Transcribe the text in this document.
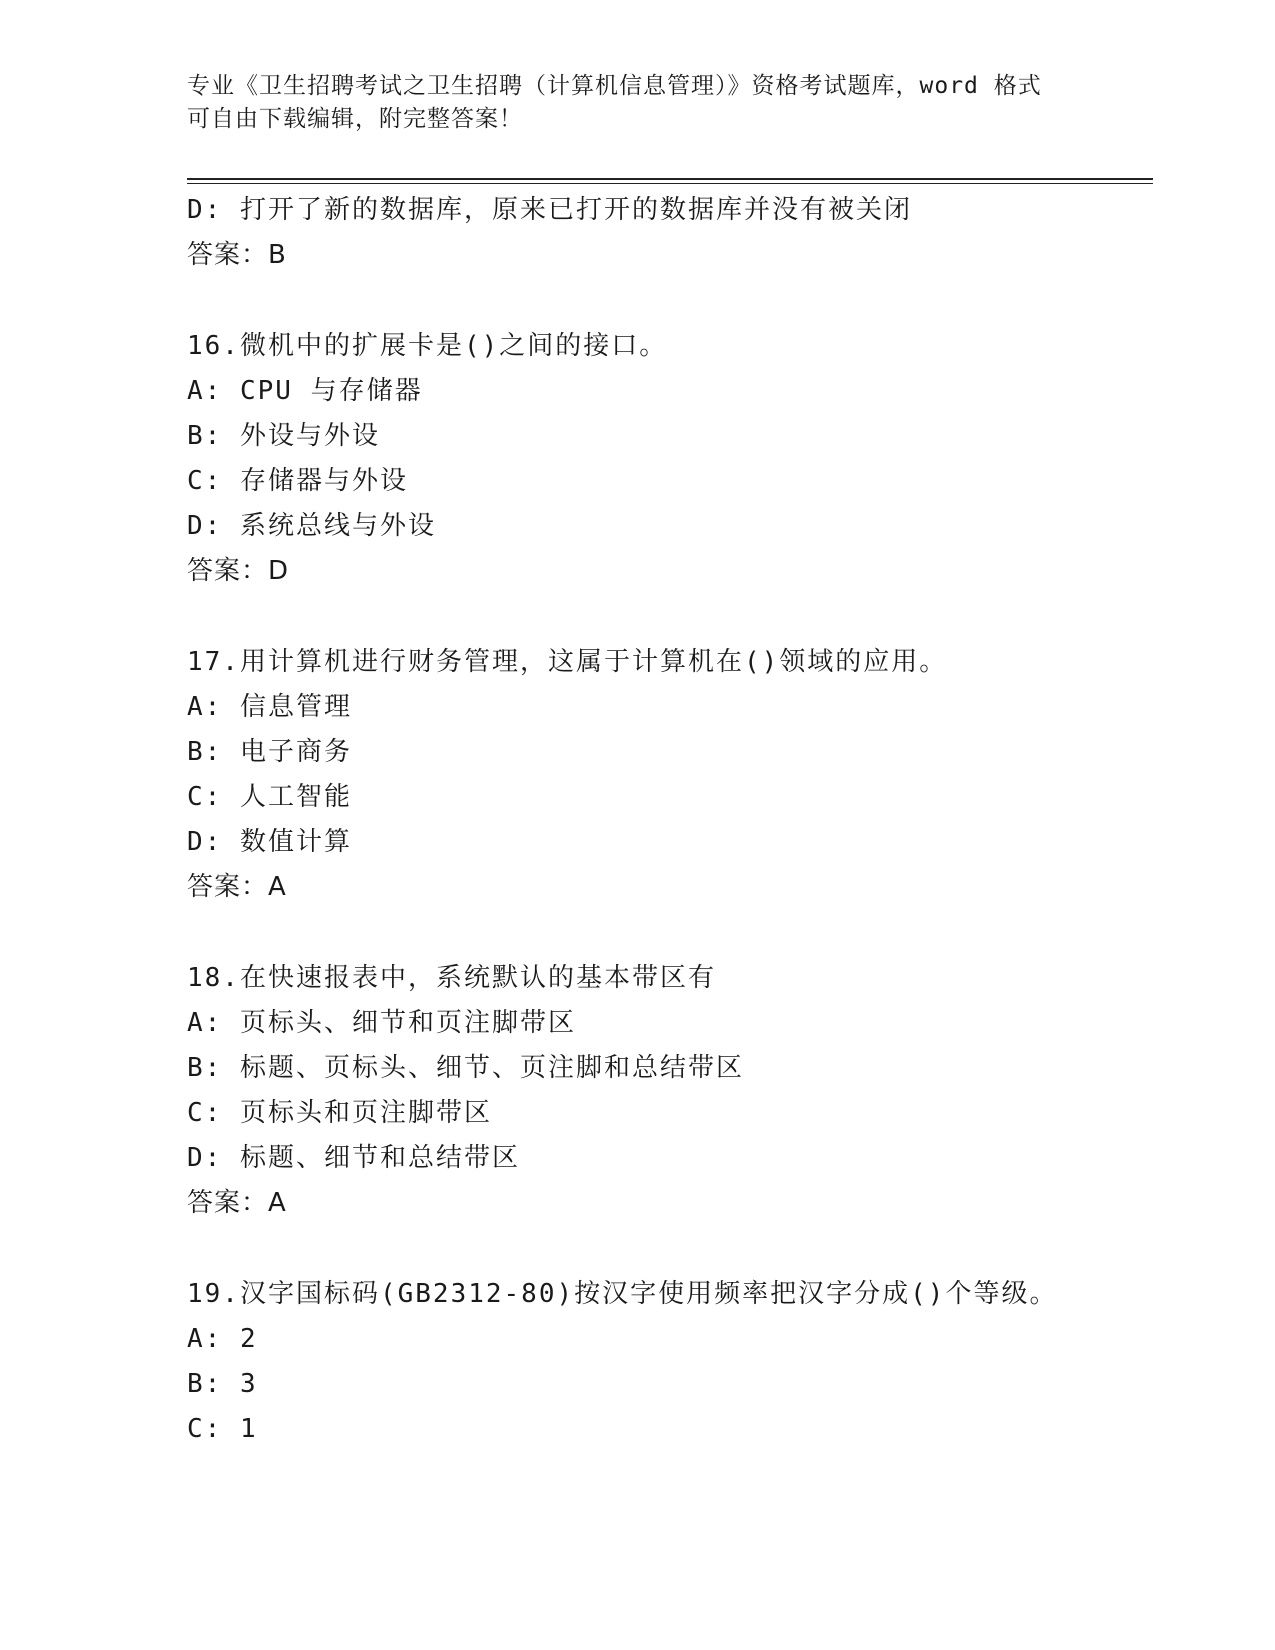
专业《卫生招聘考试之卫生招聘（计算机信息管理）》资格考试题库，word 格式
可自由下载编辑，附完整答案！
D: 打开了新的数据库，原来已打开的数据库并没有被关闭
答案：B
16.微机中的扩展卡是()之间的接口。
A: CPU 与存储器
B: 外设与外设
C: 存储器与外设
D: 系统总线与外设
答案：D
17.用计算机进行财务管理，这属于计算机在()领域的应用。
A: 信息管理
B: 电子商务
C: 人工智能
D: 数值计算
答案：A
18.在快速报表中，系统默认的基本带区有
A: 页标头、细节和页注脚带区
B: 标题、页标头、细节、页注脚和总结带区
C: 页标头和页注脚带区
D: 标题、细节和总结带区
答案：A
19.汉字国标码(GB2312-80)按汉字使用频率把汉字分成()个等级。
A: 2
B: 3
C: 1
